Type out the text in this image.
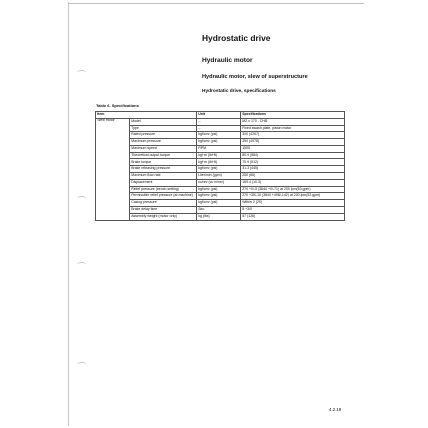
Hydrostatic drive
Hydraulic motor
Hydraulic motor, slew of superstructure
Hydrostatic drive, specifications
Table 6. Specifications
Item		Unit	Specifications
Slew motor	Model	--	MZ x 170 - CHB
	Type	--	Fixed swash plate, piston motor
	Rated pressure	kgf/cm² (psi)	300 (4267)
	Maximum pressure	kgf/cm² (psi)	350 (4978)
	Maximum speed	RPM	1500
	Theoretical output torque	kgf·m (lbf·ft)	80.9 (584)
	Brake torque	kgf·m (lbf·ft)	70.9 (512)
	Brake releasing pressure	kgf/cm² (psi)	31.3 (445)
	Maximum flow rate	Liter/min (gpm)	250 (66)
	Displacement	cc/rev (cu in/rev)	169.4 (10.3)
	Relief pressure (bench setting)	kgf/cm² (psi)	270 +0/-5 (3840 +0/-71) at 200 lpm(53 gpm)
	Permissible relief pressure (at machine)	kgf/cm² (psi)	270 +35/-10 (3840 +498/-142) at 200 lpm(53 gpm)
	Casing pressure	kgf/cm² (psi)	Within 2 (29)
	Brake delay time	Sec.	5 +3/0
	Assembly weight (motor only)	kg (lbs)	57 (126)
4.2.19
